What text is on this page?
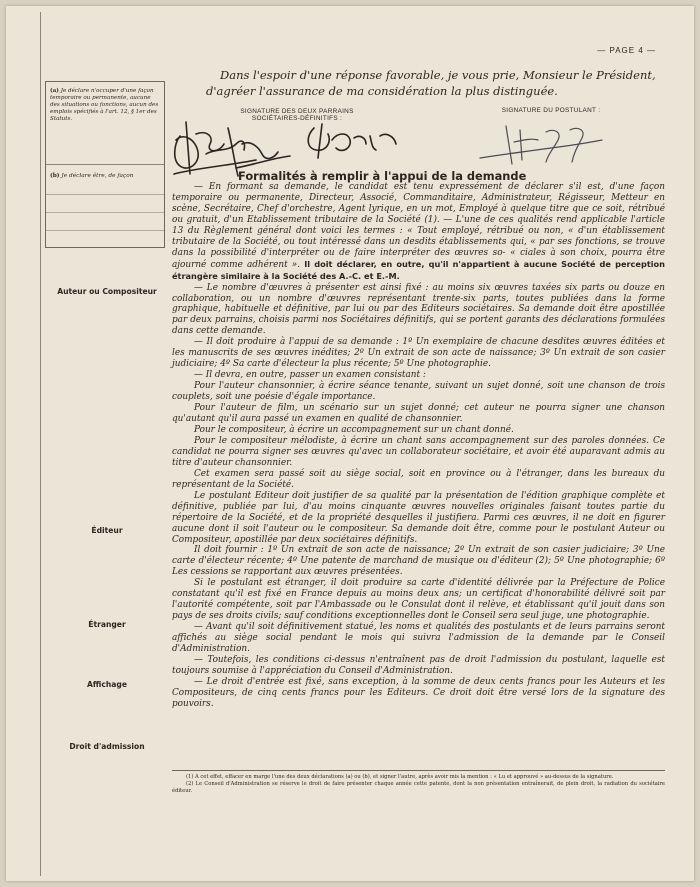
— PAGE 4 —
(a) Je déclare n'occuper d'une façon temporaire ou permanente, aucune des situations ou fonctions, aucun des emplois spécifiés à l'art. 12, § 1er des Statuts.
(b) Je déclare être, de façon
Dans l'espoir d'une réponse favorable, je vous prie, Monsieur le Président, d'agréer l'assurance de ma considération la plus distinguée.
SIGNATURE DES DEUX PARRAINS SOCIÉTAIRES-DÉFINITIFS :
SIGNATURE DU POSTULANT :
Formalités à remplir à l'appui de la demande

— En formant sa demande, le candidat est tenu expressément de déclarer s'il est, d'une façon temporaire ou permanente, Directeur, Associé, Commanditaire, Administrateur, Régisseur, Metteur en scène, Secrétaire, Chef d'orchestre, Agent lyrique, en un mot, Employé à quelque titre que ce soit, rétribué ou gratuit, d'un Etablissement tributaire de la Société (1). — L'une de ces qualités rend applicable l'article 13 du Règlement général dont voici les termes : « Tout employé, rétribué ou non, « d'un établissement tributaire de la Société, ou tout intéressé dans un desdits établissements qui, « par ses fonctions, se trouve dans la possibilité d'interpréter ou de faire interpréter des œuvres so- « ciales à son choix, pourra être ajourné comme adhérent ». Il doit déclarer, en outre, qu'il n'appartient à aucune Société de perception étrangère similaire à la Société des A.-C. et E.-M.

— Le nombre d'œuvres à présenter est ainsi fixé : au moins six œuvres taxées six parts ou douze en collaboration, ou un nombre d'œuvres représentant trente-six parts, toutes publiées dans la forme graphique, habituelle et définitive, par lui ou par des Editeurs sociétaires. Sa demande doit être apostillée par deux parrains, choisis parmi nos Sociétaires définitifs, qui se portent garants des déclarations formulées dans cette demande.

— Il doit produire à l'appui de sa demande : 1º Un exemplaire de chacune desdites œuvres éditées et les manuscrits de ses œuvres inédites; 2º Un extrait de son acte de naissance; 3º Un extrait de son casier judiciaire; 4º Sa carte d'électeur la plus récente; 5º Une photographie.

— Il devra, en outre, passer un examen consistant :

Pour l'auteur chansonnier, à écrire séance tenante, suivant un sujet donné, soit une chanson de trois couplets, soit une poésie d'égale importance.

Pour l'auteur de film, un scénario sur un sujet donné; cet auteur ne pourra signer une chanson qu'autant qu'il aura passé un examen en qualité de chansonnier.

Pour le compositeur, à écrire un accompagnement sur un chant donné.

Pour le compositeur mélodiste, à écrire un chant sans accompagnement sur des paroles données. Ce candidat ne pourra signer ses œuvres qu'avec un collaborateur sociétaire, et avoir été auparavant admis au titre d'auteur chansonnier.

Cet examen sera passé soit au siège social, soit en province ou à l'étranger, dans les bureaux du représentant de la Société.

Le postulant Editeur doit justifier de sa qualité par la présentation de l'édition graphique complète et définitive, publiée par lui, d'au moins cinquante œuvres nouvelles originales faisant toutes partie du répertoire de la Société, et de la propriété desquelles il justifiera. Parmi ces œuvres, il ne doit en figurer aucune dont il soit l'auteur ou le compositeur. Sa demande doit être, comme pour le postulant Auteur ou Compositeur, apostillée par deux sociétaires définitifs.

Il doit fournir : 1º Un extrait de son acte de naissance; 2º Un extrait de son casier judiciaire; 3º Une carte d'électeur récente; 4º Une patente de marchand de musique ou d'éditeur (2); 5º Une photographie; 6º Les cessions se rapportant aux œuvres présentées.

Si le postulant est étranger, il doit produire sa carte d'identité délivrée par la Préfecture de Police constatant qu'il est fixé en France depuis au moins deux ans; un certificat d'honorabilité délivré soit par l'autorité compétente, soit par l'Ambassade ou le Consulat dont il relève, et établissant qu'il jouit dans son pays de ses droits civils; sauf conditions exceptionnelles dont le Conseil sera seul juge, une photographie.

— Avant qu'il soit définitivement statué, les noms et qualités des postulants et de leurs parrains seront affichés au siège social pendant le mois qui suivra l'admission de la demande par le Conseil d'Administration.

— Toutefois, les conditions ci-dessus n'entraînent pas de droit l'admission du postulant, laquelle est toujours soumise à l'appréciation du Conseil d'Administration.

— Le droit d'entrée est fixé, sans exception, à la somme de deux cents francs pour les Auteurs et les Compositeurs, de cinq cents francs pour les Editeurs. Ce droit doit être versé lors de la signature des pouvoirs.

Auteur ou Compositeur
Éditeur
Étranger
Affichage
Droit d'admission

(1) A cet effet, effacer en marge l'une des deux déclarations (a) ou (b), et signer l'autre, après avoir mis la mention : « Lu et approuvé » au-dessus de la signature.

(2) Le Conseil d'Administration se réserve le droit de faire présenter chaque année cette patente, dont la non présentation entraînerait, de plein droit, la radiation du sociétaire éditeur.
